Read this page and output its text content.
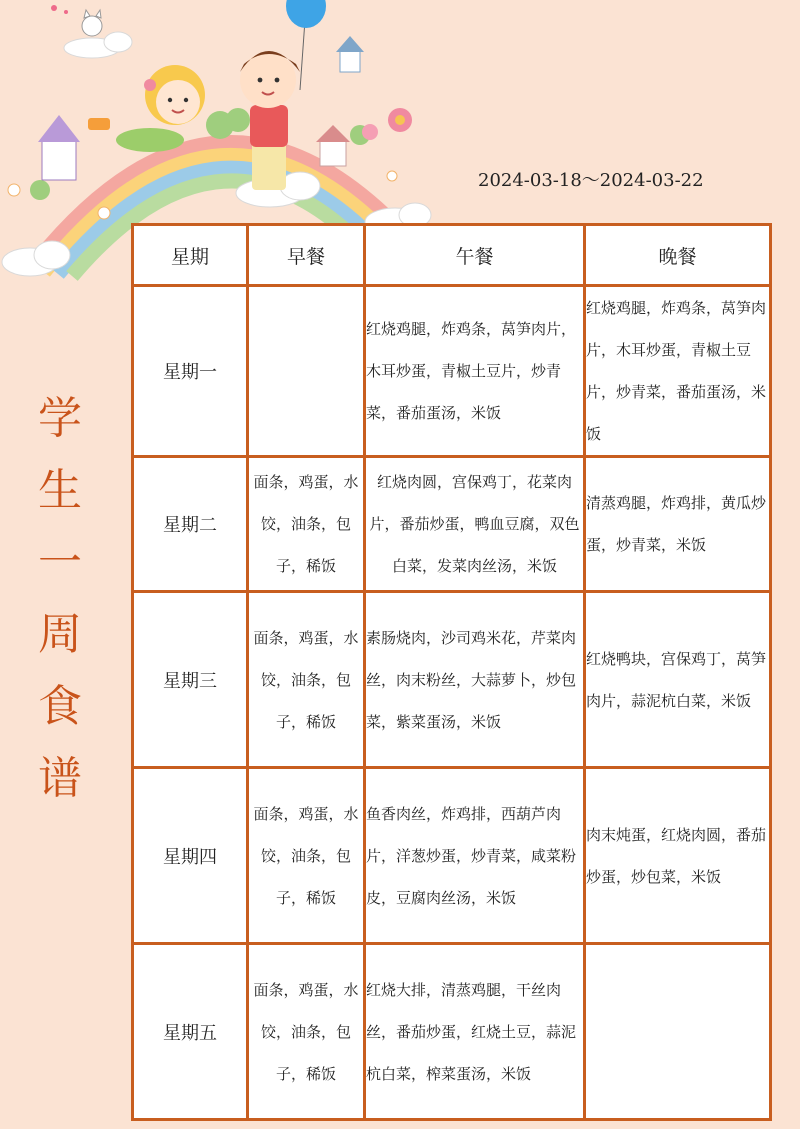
2024-03-18～2024-03-22
学
生
一
周
食
谱
星期	早餐	午餐	晚餐
星期一		红烧鸡腿，炸鸡条，莴笋肉片，木耳炒蛋，青椒土豆片，炒青菜，番茄蛋汤，米饭	红烧鸡腿，炸鸡条，莴笋肉片，木耳炒蛋，青椒土豆片，炒青菜，番茄蛋汤，米饭
星期二	面条，鸡蛋，水饺，油条，包子，稀饭	红烧肉圆，宫保鸡丁，花菜肉片，番茄炒蛋，鸭血豆腐，双色白菜，发菜肉丝汤，米饭	清蒸鸡腿，炸鸡排，黄瓜炒蛋，炒青菜，米饭
星期三	面条，鸡蛋，水饺，油条，包子，稀饭	素肠烧肉，沙司鸡米花，芹菜肉丝，肉末粉丝，大蒜萝卜，炒包菜，紫菜蛋汤，米饭	红烧鸭块，宫保鸡丁，莴笋肉片，蒜泥杭白菜，米饭
星期四	面条，鸡蛋，水饺，油条，包子，稀饭	鱼香肉丝，炸鸡排，西葫芦肉片，洋葱炒蛋，炒青菜，咸菜粉皮，豆腐肉丝汤，米饭	肉末炖蛋，红烧肉圆，番茄炒蛋，炒包菜，米饭
星期五	面条，鸡蛋，水饺，油条，包子，稀饭	红烧大排，清蒸鸡腿，干丝肉丝，番茄炒蛋，红烧土豆，蒜泥杭白菜，榨菜蛋汤，米饭	
